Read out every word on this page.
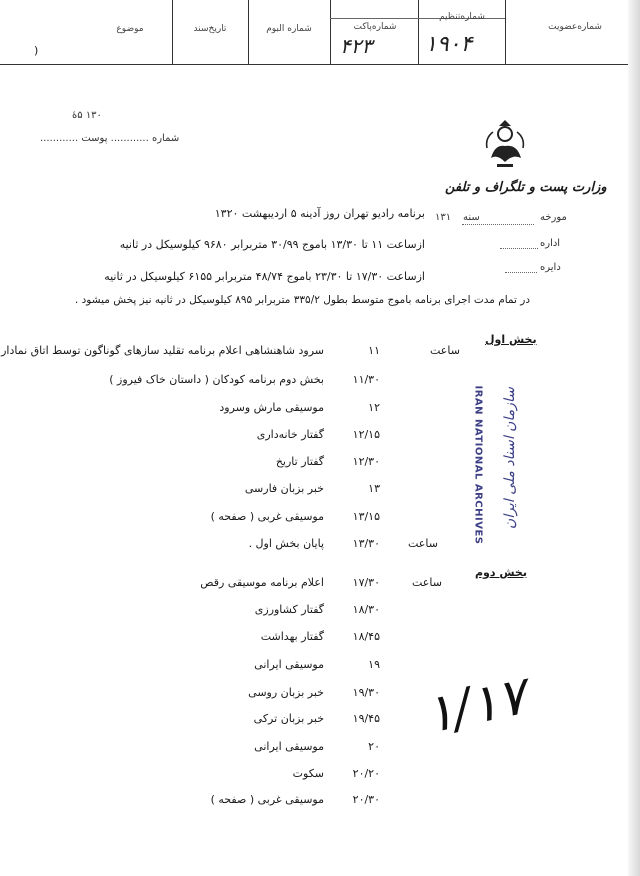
شماره‌عضویت
شماره‌تنظیم
شماره‌پاکت
شماره البوم
تاریخ‌سند
موضوع
۱۹۰۴
۴۲۳
)
۱۳۰ ۵ۀ
شماره ............ پوست ............
وزارت پست و تلگراف و تلفن
مورخه
سنه
۱۳۱
اداره
دایره
برنامه رادیو تهران روز آدینه ۵ اردیبهشت ۱۳۲۰
ازساعت ۱۱ تا ۱۳/۳۰ باموج ۳۰/۹۹ متربرابر ۹۶۸۰ کیلوسیکل در ثانیه
ازساعت ۱۷/۳۰ تا ۲۳/۳۰ باموج ۴۸/۷۴ متربرابر ۶۱۵۵ کیلوسیکل در ثانیه
در تمام مدت اجرای برنامه باموج متوسط بطول ۳۳۵/۲ متربرابر ۸۹۵ کیلوسیکل در ثانیه نیز پخش میشود .
بخش اول
ساعت
۱۱
سرود شاهنشاهی اعلام برنامه تقلید سازهای گوناگون توسط اتاق نمادار
۱۱/۳۰
بخش دوم برنامه کودکان ( داستان خاک فیروز )
۱۲
موسیقی مارش وسرود
۱۲/۱۵
گفتار خانه‌داری
۱۲/۳۰
گفتار تاریخ
۱۳
خبر بزبان فارسی
۱۳/۱۵
موسیقی غربی ( صفحه )
ساعت
۱۳/۳۰
پایان بخش اول .	IRAN NATIONAL ARCHIVES سازمان اسناد ملی ایران
بخش دوم
ساعت
۱۷/۳۰
اعلام برنامه موسیقی رقص
۱۸/۳۰
گفتار کشاورزی
۱۸/۴۵
گفتار بهداشت
۱۹
موسیقی ایرانی
۱۹/۳۰
خبر بزبان روسی
۱۹/۴۵
خبر بزبان ترکی
۲۰
موسیقی ایرانی
۲۰/۲۰
سکوت
۲۰/۳۰
موسیقی غربی ( صفحه )
۱/۱۷
